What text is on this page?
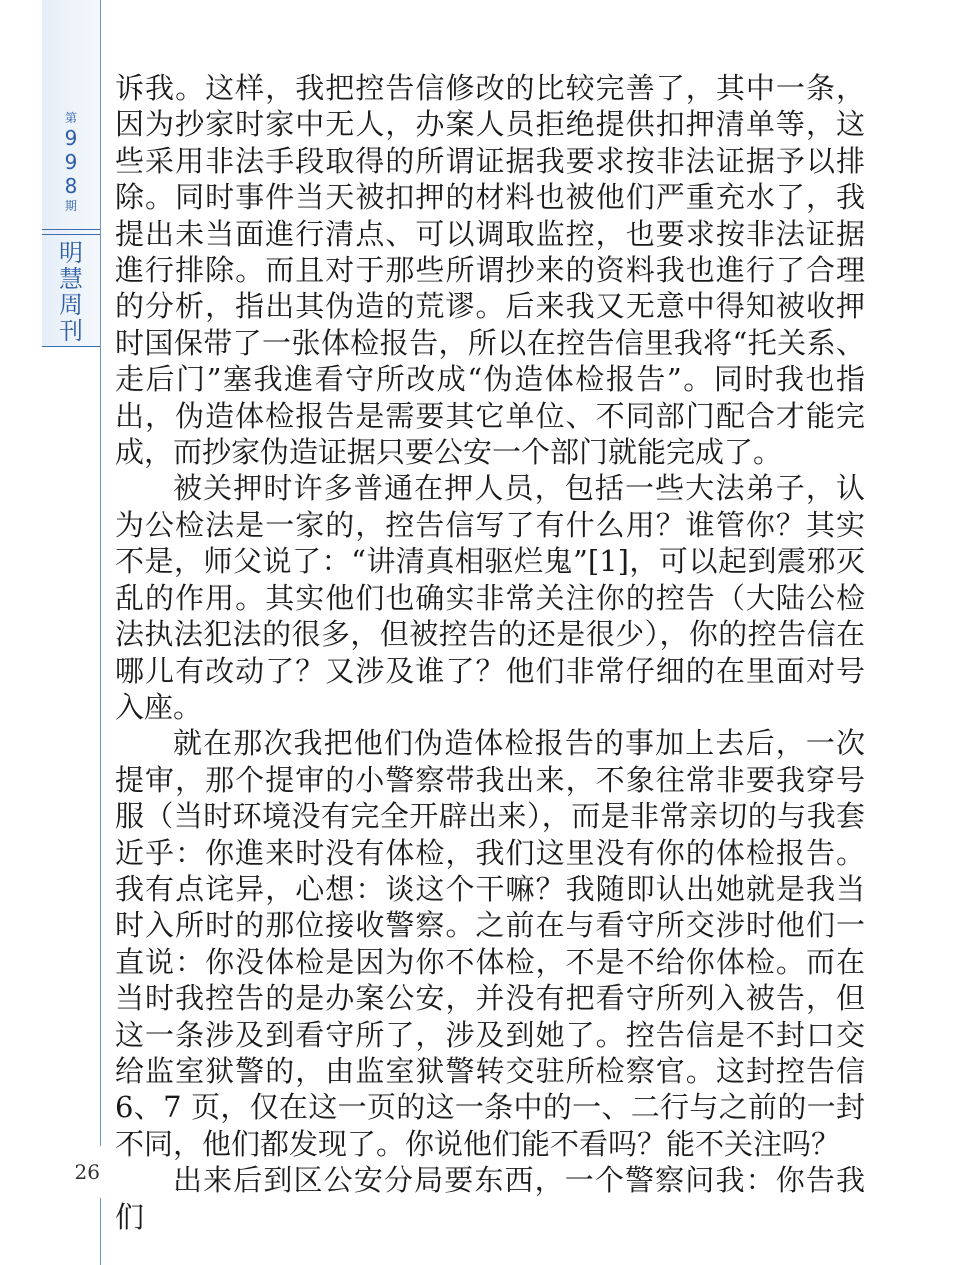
第
9
9
8
期
明
慧
周
刊
26

诉我。这样，我把控告信修改的比较完善了，其中一条，因为抄家时家中无人，办案人员拒绝提供扣押清单等，这些采用非法手段取得的所谓证据我要求按非法证据予以排除。同时事件当天被扣押的材料也被他们严重充水了，我提出未当面進行清点、可以调取监控，也要求按非法证据進行排除。而且对于那些所谓抄来的资料我也進行了合理的分析，指出其伪造的荒谬。后来我又无意中得知被收押时国保带了一张体检报告，所以在控告信里我将“托关系、走后门”塞我進看守所改成“伪造体检报告”。同时我也指出，伪造体检报告是需要其它单位、不同部门配合才能完成，而抄家伪造证据只要公安一个部门就能完成了。

被关押时许多普通在押人员，包括一些大法弟子，认为公检法是一家的，控告信写了有什么用？谁管你？其实不是，师父说了：“讲清真相驱烂鬼”[1]，可以起到震邪灭乱的作用。其实他们也确实非常关注你的控告（大陆公检法执法犯法的很多，但被控告的还是很少），你的控告信在哪儿有改动了？又涉及谁了？他们非常仔细的在里面对号入座。

就在那次我把他们伪造体检报告的事加上去后，一次提审，那个提审的小警察带我出来，不象往常非要我穿号服（当时环境没有完全开辟出来），而是非常亲切的与我套近乎：你進来时没有体检，我们这里没有你的体检报告。我有点诧异，心想：谈这个干嘛？我随即认出她就是我当时入所时的那位接收警察。之前在与看守所交涉时他们一直说：你没体检是因为你不体检，不是不给你体检。而在当时我控告的是办案公安，并没有把看守所列入被告，但这一条涉及到看守所了，涉及到她了。控告信是不封口交给监室狱警的，由监室狱警转交驻所检察官。这封控告信 6、7 页，仅在这一页的这一条中的一、二行与之前的一封不同，他们都发现了。你说他们能不看吗？能不关注吗？

出来后到区公安分局要东西，一个警察问我：你告我们
